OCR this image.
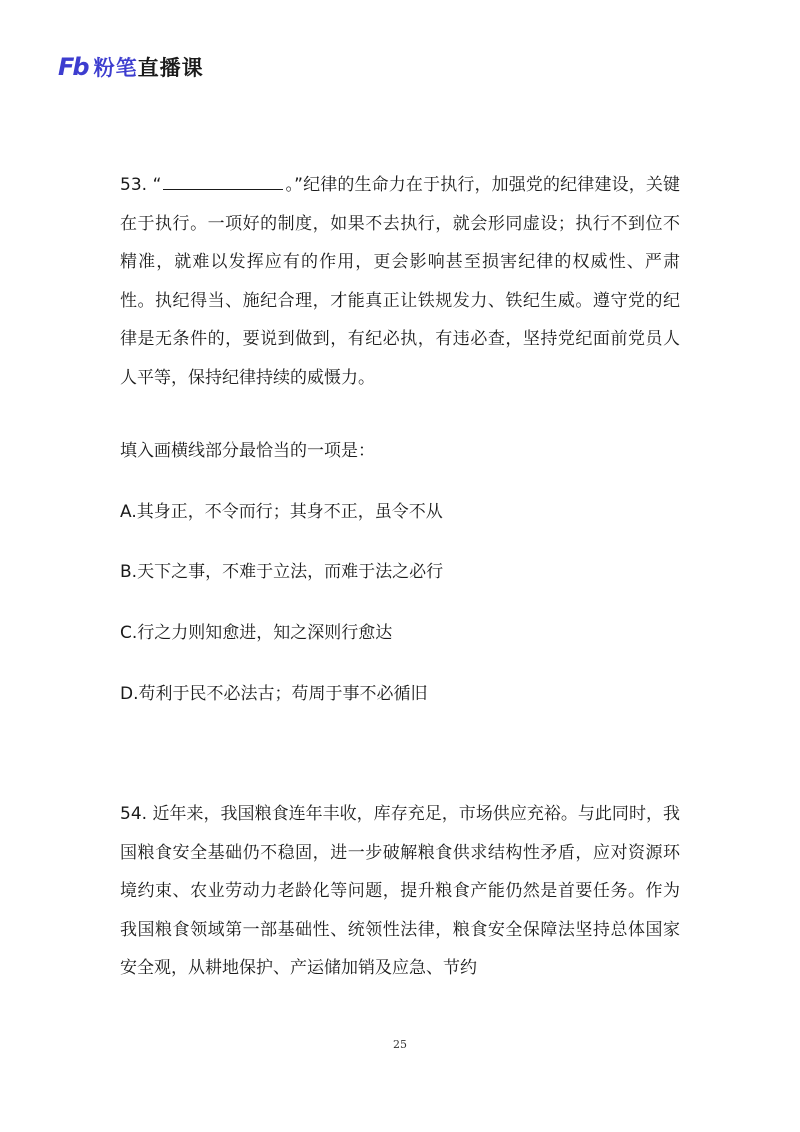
Fb 粉笔直播课

53. “	。”纪律的生命力在于执行，加强党的纪律建设，关键在于执行。一项好的制度，如果不去执行，就会形同虚设；执行不到位不精准，就难以发挥应有的作用，更会影响甚至损害纪律的权威性、严肃性。执纪得当、施纪合理，才能真正让铁规发力、铁纪生威。遵守党的纪律是无条件的，要说到做到，有纪必执，有违必查，坚持党纪面前党员人人平等，保持纪律持续的威慑力。

填入画横线部分最恰当的一项是：
A.其身正，不令而行；其身不正，虽令不从
B.天下之事，不难于立法，而难于法之必行
C.行之力则知愈进，知之深则行愈达
D.苟利于民不必法古；苟周于事不必循旧

54. 近年来，我国粮食连年丰收，库存充足，市场供应充裕。与此同时，我国粮食安全基础仍不稳固，进一步破解粮食供求结构性矛盾，应对资源环境约束、农业劳动力老龄化等问题，提升粮食产能仍然是首要任务。作为我国粮食领域第一部基础性、统领性法律，粮食安全保障法坚持总体国家安全观，从耕地保护、产运储加销及应急、节约

25
